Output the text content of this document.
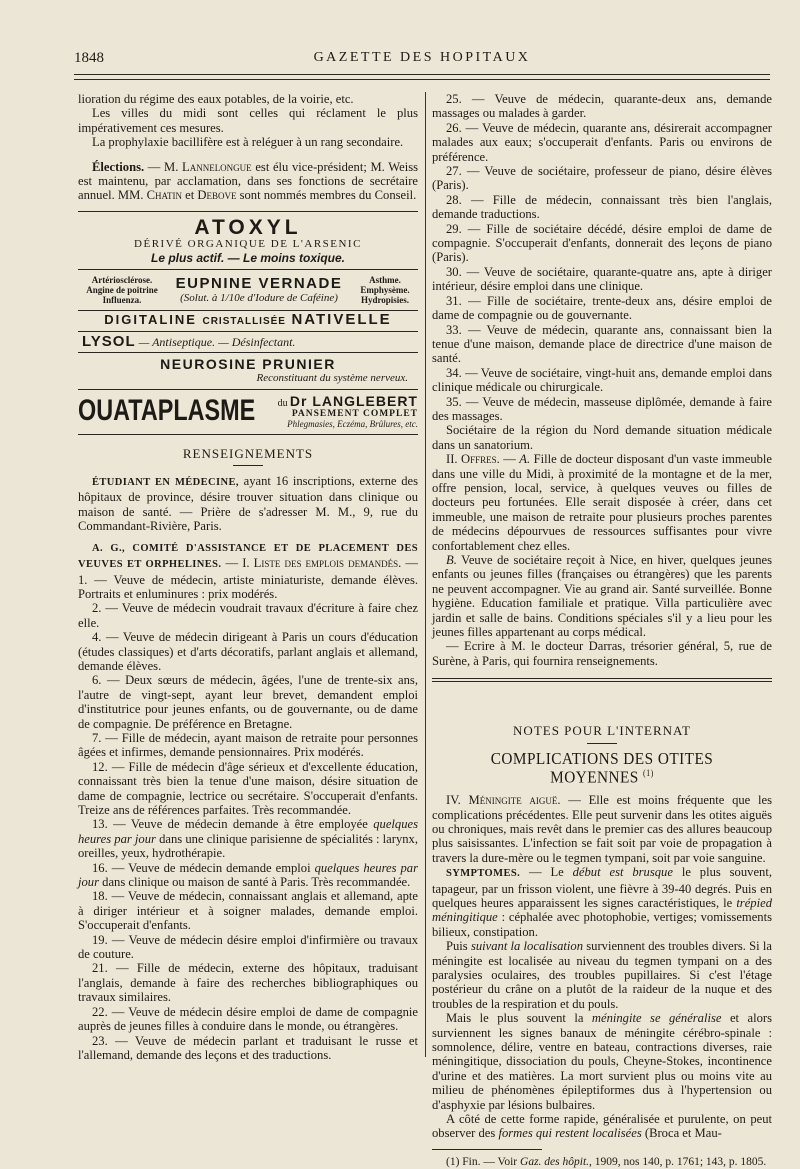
1848	GAZETTE DES HOPITAUX

lioration du régime des eaux potables, de la voirie, etc.

Les villes du midi sont celles qui réclament le plus impérativement ces mesures.

La prophylaxie bacillifère est à reléguer à un rang secondaire.

Élections. — M. Lannelongue est élu vice-président; M. Weiss est maintenu, par acclamation, dans ses fonctions de secrétaire annuel. MM. Chatin et Debove sont nommés membres du Conseil.

ATOXYL
DÉRIVÉ ORGANIQUE DE L'ARSENIC
Le plus actif. — Le moins toxique.
Artériosclérose. Angine de poitrine Influenza.
EUPNINE VERNADE
(Solut. à 1/10e d'Iodure de Caféine)
Asthme. Emphysème. Hydropisies.
DIGITALINE CRISTALLISÉE NATIVELLE
LYSOL — Antiseptique. — Désinfectant.
NEUROSINE PRUNIER
Reconstituant du système nerveux.
OUATAPLASME	du Dr LANGLEBERT
PANSEMENT COMPLET
Phlegmasies, Eczéma, Brûlures, etc.
RENSEIGNEMENTS

ÉTUDIANT EN MÉDECINE, ayant 16 inscriptions, externe des hôpitaux de province, désire trouver situation dans clinique ou maison de santé. — Prière de s'adresser M. M., 9, rue du Commandant-Rivière, Paris.

A. G., COMITÉ D'ASSISTANCE ET DE PLACEMENT DES VEUVES ET ORPHELINES. — I. Liste des emplois demandés. — 1. — Veuve de médecin, artiste miniaturiste, demande élèves. Portraits et enluminures : prix modérés.

2. — Veuve de médecin voudrait travaux d'écriture à faire chez elle.

4. — Veuve de médecin dirigeant à Paris un cours d'éducation (études classiques) et d'arts décoratifs, parlant anglais et allemand, demande élèves.

6. — Deux sœurs de médecin, âgées, l'une de trente-six ans, l'autre de vingt-sept, ayant leur brevet, demandent emploi d'institutrice pour jeunes enfants, ou de gouvernante, ou de dame de compagnie. De préférence en Bretagne.

7. — Fille de médecin, ayant maison de retraite pour personnes âgées et infirmes, demande pensionnaires. Prix modérés.

12. — Fille de médecin d'âge sérieux et d'excellente éducation, connaissant très bien la tenue d'une maison, désire situation de dame de compagnie, lectrice ou secrétaire. S'occuperait d'enfants. Treize ans de références parfaites. Très recommandée.

13. — Veuve de médecin demande à être employée quelques heures par jour dans une clinique parisienne de spécialités : larynx, oreilles, yeux, hydrothérapie.

16. — Veuve de médecin demande emploi quelques heures par jour dans clinique ou maison de santé à Paris. Très recommandée.

18. — Veuve de médecin, connaissant anglais et allemand, apte à diriger intérieur et à soigner malades, demande emploi. S'occuperait d'enfants.

19. — Veuve de médecin désire emploi d'infirmière ou travaux de couture.

21. — Fille de médecin, externe des hôpitaux, traduisant l'anglais, demande à faire des recherches bibliographiques ou travaux similaires.

22. — Veuve de médecin désire emploi de dame de compagnie auprès de jeunes filles à conduire dans le monde, ou étrangères.

23. — Veuve de médecin parlant et traduisant le russe et l'allemand, demande des leçons et des traductions.

25. — Veuve de médecin, quarante-deux ans, demande massages ou malades à garder.

26. — Veuve de médecin, quarante ans, désirerait accompagner malades aux eaux; s'occuperait d'enfants. Paris ou environs de préférence.

27. — Veuve de sociétaire, professeur de piano, désire élèves (Paris).

28. — Fille de médecin, connaissant très bien l'anglais, demande traductions.

29. — Fille de sociétaire décédé, désire emploi de dame de compagnie. S'occuperait d'enfants, donnerait des leçons de piano (Paris).

30. — Veuve de sociétaire, quarante-quatre ans, apte à diriger intérieur, désire emploi dans une clinique.

31. — Fille de sociétaire, trente-deux ans, désire emploi de dame de compagnie ou de gouvernante.

33. — Veuve de médecin, quarante ans, connaissant bien la tenue d'une maison, demande place de directrice d'une maison de santé.

34. — Veuve de sociétaire, vingt-huit ans, demande emploi dans clinique médicale ou chirurgicale.

35. — Veuve de médecin, masseuse diplômée, demande à faire des massages.

Sociétaire de la région du Nord demande situation médicale dans un sanatorium.

II. Offres. — A. Fille de docteur disposant d'un vaste immeuble dans une ville du Midi, à proximité de la montagne et de la mer, offre pension, local, service, à quelques veuves ou filles de docteurs peu fortunées. Elle serait disposée à créer, dans cet immeuble, une maison de retraite pour plusieurs proches parentes de médecins dépourvues de ressources suffisantes pour vivre confortablement chez elles.

B. Veuve de sociétaire reçoit à Nice, en hiver, quelques jeunes enfants ou jeunes filles (françaises ou étrangères) que les parents ne peuvent accompagner. Vie au grand air. Santé surveillée. Bonne hygiène. Education familiale et pratique. Villa particulière avec jardin et salle de bains. Conditions spéciales s'il y a lieu pour les jeunes filles appartenant au corps médical.

— Ecrire à M. le docteur Darras, trésorier général, 5, rue de Surène, à Paris, qui fournira renseignements.

NOTES POUR L'INTERNAT
COMPLICATIONS DES OTITES MOYENNES $^{(1)}$

IV. Méningite aiguë. — Elle est moins fréquente que les complications précédentes. Elle peut survenir dans les otites aiguës ou chroniques, mais revêt dans le premier cas des allures beaucoup plus saisissantes. L'infection se fait soit par voie de propagation à travers la dure-mère ou le tegmen tympani, soit par voie sanguine.

SYMPTOMES. — Le début est brusque le plus souvent, tapageur, par un frisson violent, une fièvre à 39-40 degrés. Puis en quelques heures apparaissent les signes caractéristiques, le trépied méningitique : céphalée avec photophobie, vertiges; vomissements bilieux, constipation.

Puis suivant la localisation surviennent des troubles divers. Si la méningite est localisée au niveau du tegmen tympani on a des paralysies oculaires, des troubles pupillaires. Si c'est l'étage postérieur du crâne on a plutôt de la raideur de la nuque et des troubles de la respiration et du pouls.

Mais le plus souvent la méningite se généralise et alors surviennent les signes banaux de méningite cérébro-spinale : somnolence, délire, ventre en bateau, contractions diverses, raie méningitique, dissociation du pouls, Cheyne-Stokes, incontinence d'urine et des matières. La mort survient plus ou moins vite au milieu de phénomènes épileptiformes dus à l'hypertension ou d'asphyxie par lésions bulbaires.

A côté de cette forme rapide, généralisée et purulente, on peut observer des formes qui restent localisées (Broca et Mau-

(1) Fin. — Voir Gaz. des hôpit., 1909, nos 140, p. 1761; 143, p. 1805.
